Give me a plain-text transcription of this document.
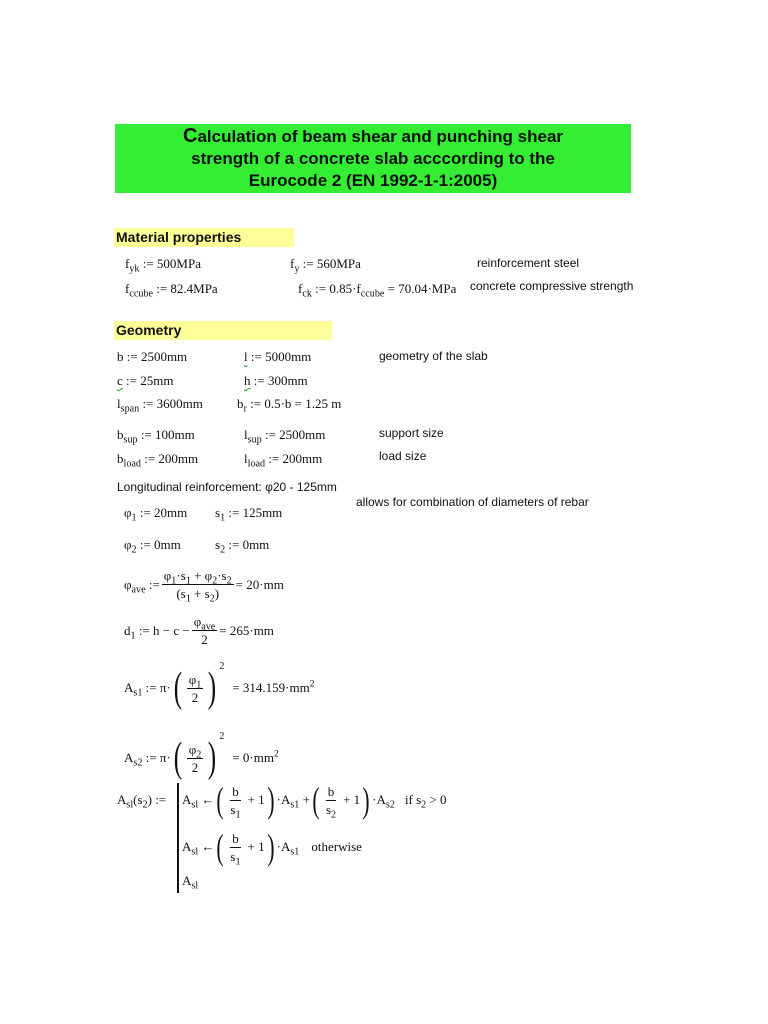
Calculation of beam shear and punching shear
strength of a concrete slab acccording to the
Eurocode 2 (EN 1992-1-1:2005)
Material properties
$f_{yk}$ := 500MPa	$f_y$ := 560MPa	reinforcement steel
$f_{ccube}$ := 82.4MPa	$f_{ck}$ := $0.85\cdot f_{ccube} = 70.04\cdot MPa$ concrete compressive strength
Geometry
b := 2500mm	l := 5000mm	geometry of the slab
c := 25mm	h := 300mm
$l_{span}$ := 3600mm	$b_r$ := 0.5·b = 1.25 m
$b_{sup}$ := 100mm	$l_{sup}$ := 2500mm	support size
$b_{load}$ := 200mm	$l_{load}$ := 200mm	load size
Longitudinal reinforcement: φ20 - 125mm
allows for combination of diameters of rebar
$\varphi_1$ := 20mm $s_1$ := 125mm
$\varphi_2$ := 0mm	$s_2$ := 0mm
$\varphi_{ave}$ := $\frac{\varphi_1\cdot s_1 + \varphi_2\cdot s_2}{(s_1 + s_2)} = 20\cdot mm$
$d_1$ := $h - c - \frac{\varphi_{ave}}{2} = 265\cdot mm$
$A_{s1}$ := π· ( $\frac{\varphi_1}{2}$ ) 2
= $314.159\cdot mm^2$
$A_{s2}$ := π· ( $\frac{\varphi_2}{2}$ ) 2
= $0\cdot mm^2$
$A_{sl}(s_2)$ := $A_{sl}$ ← ( $\frac{b}{s_1} + 1$ ) $\cdot A_{s1}$ + ( $\frac{b}{s_2} + 1$ ) $\cdot A_{s2}$ if $s_2 > 0$
$A_{sl}$ ← ( $\frac{b}{s_1} + 1$ ) $\cdot A_{s1}$ otherwise
$A_{sl}$
